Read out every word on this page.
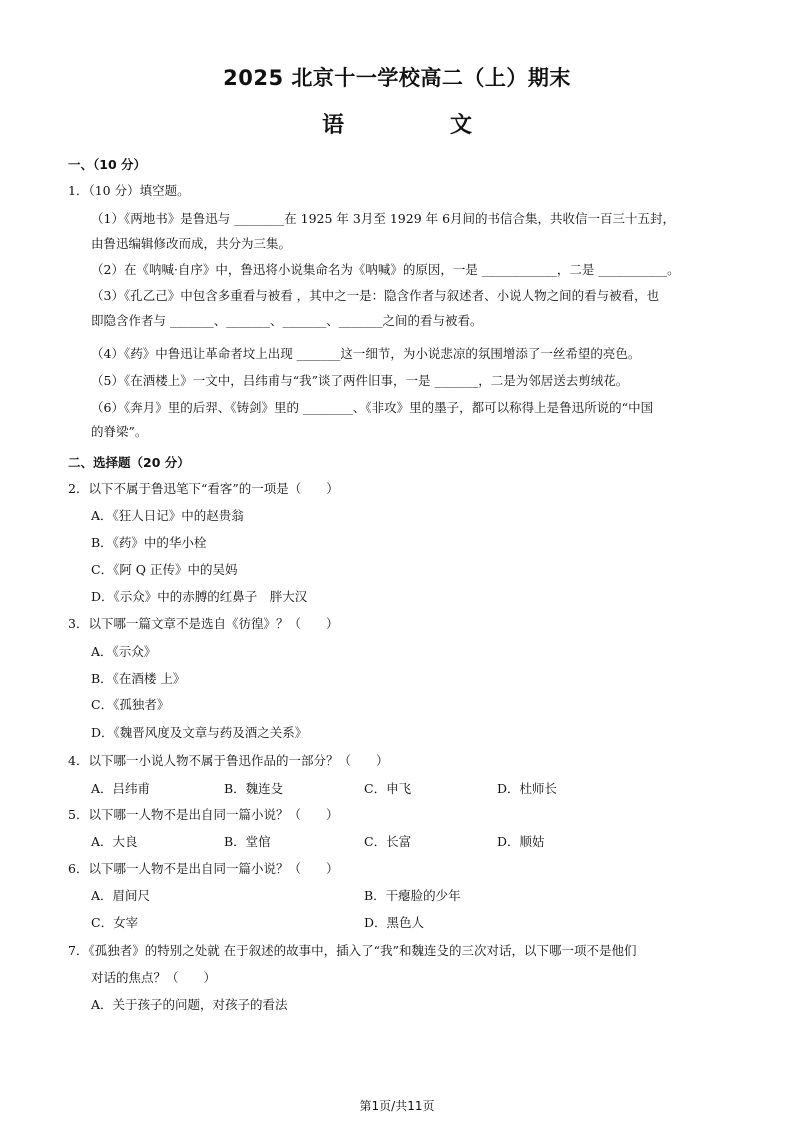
2025 北京十一学校高二（上）期末
语　文
一、（10 分）
1．（10 分）填空题。
（1）《两地书》是鲁迅与 ________在 1925 年 3月至 1929 年 6月间的书信合集，共收信一百三十五封，
由鲁迅编辑修改而成，共分为三集。
（2）在《呐喊·自序》中，鲁迅将小说集命名为《呐喊》的原因，一是 ____________，二是 ___________。
（3）《孔乙己》中包含多重看与被看 ，其中之一是：隐含作者与叙述者、小说人物之间的看与被看，也
即隐含作者与 _______、_______、_______、_______之间的看与被看。
（4）《药》中鲁迅让革命者坟上出现 _______这一细节，为小说悲凉的氛围增添了一丝希望的亮色。
（5）《在酒楼上》一文中，吕纬甫与“我”谈了两件旧事，一是 _______，二是为邻居送去剪绒花。
（6）《奔月》里的后羿、《铸剑》里的 ________、《非攻》里的墨子，都可以称得上是鲁迅所说的“中国
的脊梁”。
二、选择题（20 分）
2．以下不属于鲁迅笔下“看客”的一项是（　　）
A．《狂人日记》中的赵贵翁
B．《药》中的华小栓
C．《阿 Q 正传》中的吴妈
D．《示众》中的赤膊的红鼻子　胖大汉
3．以下哪一篇文章不是选自《彷徨》？（　　）
A．《示众》
B．《在酒楼 上》
C．《孤独者》
D．《魏晋风度及文章与药及酒之关系》
4．以下哪一小说人物不属于鲁迅作品的一部分？（　　）
A．吕纬甫	B．魏连殳	C．申飞	D．杜师长
5．以下哪一人物不是出自同一篇小说？（　　）
A．大良	B．堂倌	C．长富	D．顺姑
6．以下哪一人物不是出自同一篇小说？（　　）
A．眉间尺	B．干瘪脸的少年
C．女宰	D．黑色人
7．《孤独者》的特别之处就 在于叙述的故事中，插入了“我”和魏连殳的三次对话，以下哪一项不是他们
对话的焦点？（　　）
A．关于孩子的问题，对孩子的看法
第1页/共11页
